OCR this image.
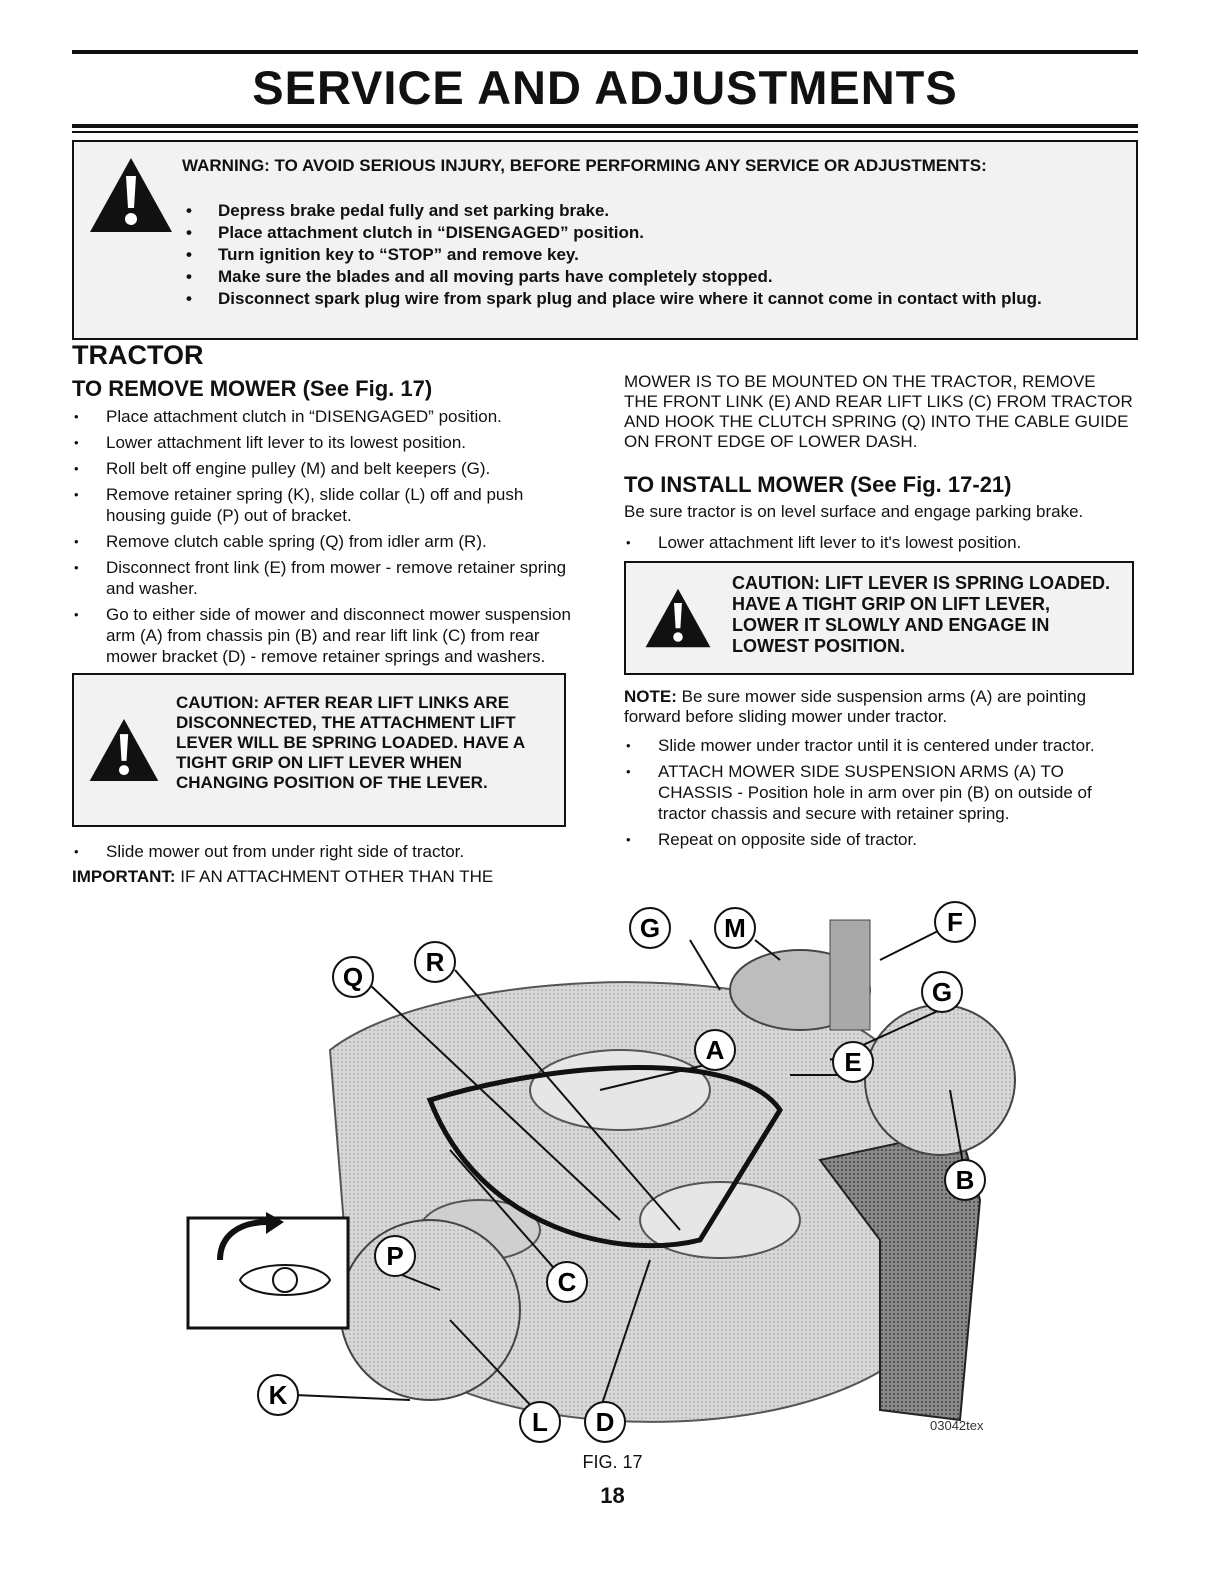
SERVICE AND ADJUSTMENTS

WARNING: TO AVOID SERIOUS INJURY, BEFORE PERFORMING ANY SERVICE OR ADJUSTMENTS:

• Depress brake pedal fully and set parking brake.
• Place attachment clutch in “DISENGAGED” position.
• Turn ignition key to “STOP” and remove key.
• Make sure the blades and all moving parts have completely stopped.
• Disconnect spark plug wire from spark plug and place wire where it cannot come in contact with plug.
TRACTOR
TO REMOVE MOWER (See Fig. 17)
• Place attachment clutch in “DISENGAGED” position.
• Lower attachment lift lever to its lowest position.
• Roll belt off engine pulley (M) and belt keepers (G).
• Remove retainer spring (K), slide collar (L) off and push housing guide (P) out of bracket.
• Remove clutch cable spring (Q) from idler arm (R).
• Disconnect front link (E) from mower - remove retainer spring and washer.
• Go to either side of mower and disconnect mower suspension arm (A) from chassis pin (B) and rear lift link (C) from rear mower bracket (D) - remove retainer springs and washers.

CAUTION: AFTER REAR LIFT LINKS ARE DISCONNECTED, THE ATTACHMENT LIFT LEVER WILL BE SPRING LOADED. HAVE A TIGHT GRIP ON LIFT LEVER WHEN CHANGING POSITION OF THE LEVER.

• Slide mower out from under right side of tractor.

IMPORTANT: IF AN ATTACHMENT OTHER THAN THE

MOWER IS TO BE MOUNTED ON THE TRACTOR, REMOVE THE FRONT LINK (E) AND REAR LIFT LIKS (C) FROM TRACTOR AND HOOK THE CLUTCH SPRING (Q) INTO THE CABLE GUIDE ON FRONT EDGE OF LOWER DASH.

TO INSTALL MOWER (See Fig. 17-21)

Be sure tractor is on level surface and engage parking brake.

• Lower attachment lift lever to it's lowest position.

CAUTION: LIFT LEVER IS SPRING LOADED. HAVE A TIGHT GRIP ON LIFT LEVER, LOWER IT SLOWLY AND ENGAGE IN LOWEST POSITION.

NOTE: Be sure mower side suspension arms (A) are pointing forward before sliding mower under tractor.

• Slide mower under tractor until it is centered under tractor.
• ATTACH MOWER SIDE SUSPENSION ARMS (A) TO CHASSIS - Position hole in arm over pin (B) on outside of tractor chassis and secure with retainer spring.
• Repeat on opposite side of tractor.
G M	F
Q R
G
A	E
B
P
C
K
L D	03042tex
FIG. 17
18
